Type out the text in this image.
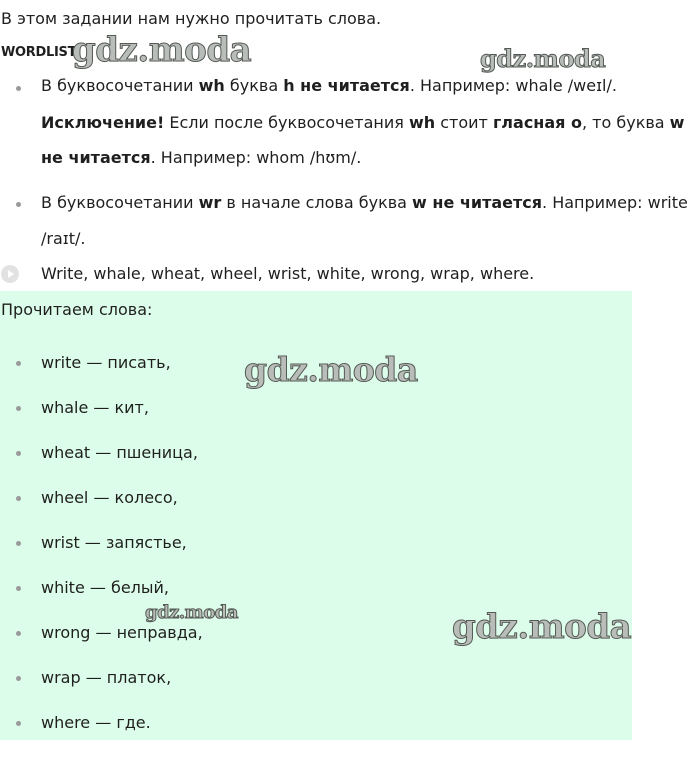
В этом задании нам нужно прочитать слова.
WORDLIST
В буквосочетании wh буква h не читается. Например: whale /weɪl/.
Исключение! Если после буквосочетания wh стоит гласная о, то буква w
не читается. Например: whom /hʊm/.
В буквосочетании wr в начале слова буква w не читается. Например: write
/raɪt/.
Write, whale, wheat, wheel, wrist, white, wrong, wrap, where.
Прочитаем слова:
write — писать,
whale — кит,
wheat — пшеница,
wheel — колесо,
wrist — запястье,
white — белый,
wrong — неправда,
wrap — платок,
where — где.
gdz.moda	gdz.moda
gdz.moda
gdz.moda	gdz.moda
